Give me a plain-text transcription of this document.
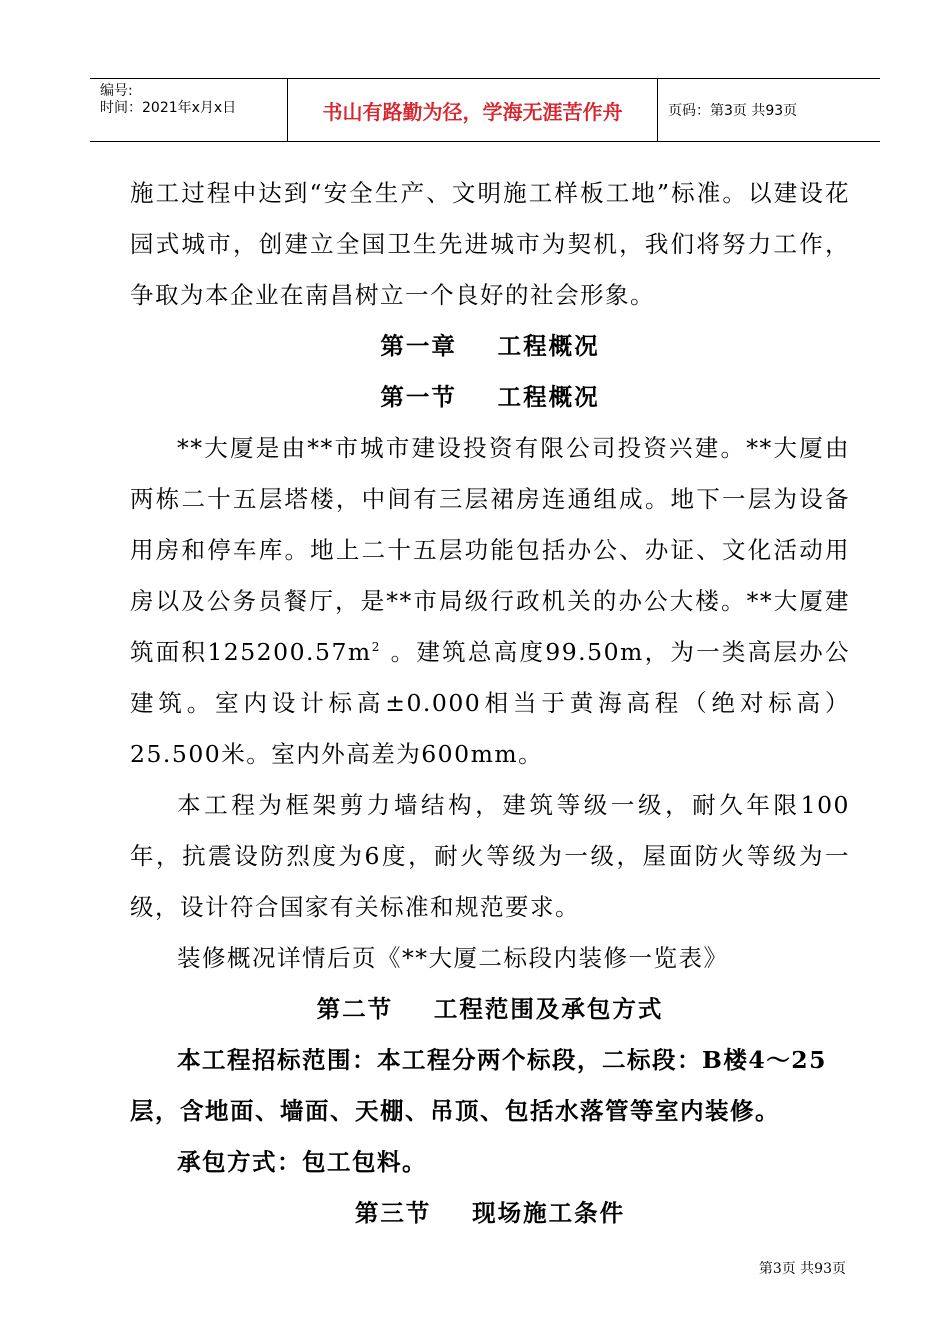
编号:
时间：2021年x月x日	书山有路勤为径，学海无涯苦作舟	页码：第3页 共93页

施工过程中达到“安全生产、文明施工样板工地”标准。以建设花园式城市，创建立全国卫生先进城市为契机，我们将努力工作，争取为本企业在南昌树立一个良好的社会形象。

第一章    工程概况

第一节    工程概况

**大厦是由**市城市建设投资有限公司投资兴建。**大厦由两栋二十五层塔楼，中间有三层裙房连通组成。地下一层为设备用房和停车库。地上二十五层功能包括办公、办证、文化活动用房以及公务员餐厅，是**市局级行政机关的办公大楼。**大厦建筑面积$125200.57m^2$ 。建筑总高度99.50m，为一类高层办公建筑。室内设计标高±0.000相当于黄海高程（绝对标高）25.500米。室内外高差为600mm。

本工程为框架剪力墙结构，建筑等级一级，耐久年限100年，抗震设防烈度为6度，耐火等级为一级，屋面防火等级为一级，设计符合国家有关标准和规范要求。

装修概况详情后页《**大厦二标段内装修一览表》

第二节    工程范围及承包方式

本工程招标范围：本工程分两个标段，二标段：B楼4～25层，含地面、墙面、天棚、吊顶、包括水落管等室内装修。

承包方式：包工包料。

第三节    现场施工条件

第3页 共93页
